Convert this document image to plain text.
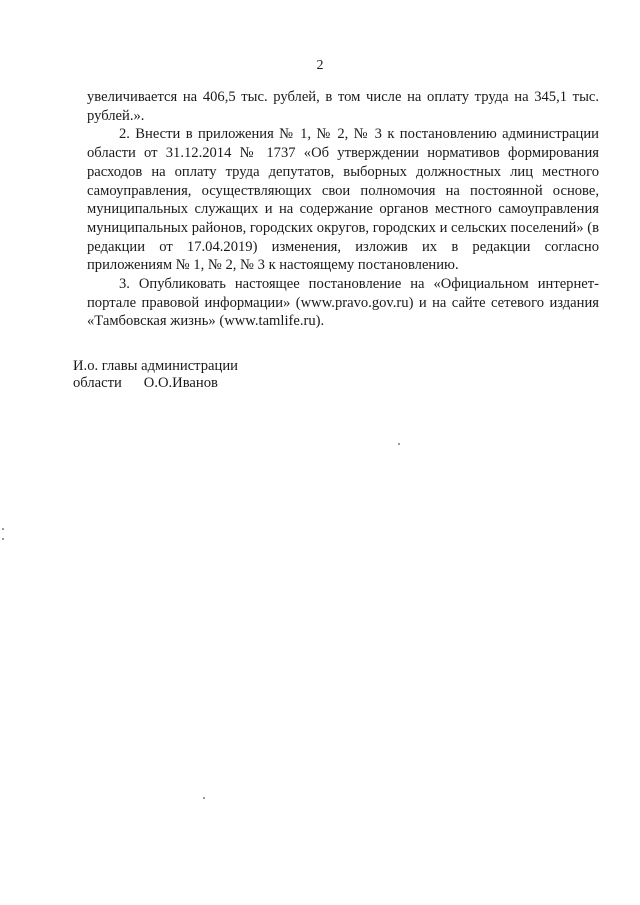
2

увеличивается на 406,5 тыс. рублей, в том числе на оплату труда на 345,1 тыс. рублей.».

2. Внести в приложения № 1, № 2, № 3 к постановлению администрации области от 31.12.2014 № 1737 «Об утверждении нормативов формирования расходов на оплату труда депутатов, выборных должностных лиц местного самоуправления, осуществляющих свои полномочия на постоянной основе, муниципальных служащих и на содержание органов местного самоуправления муниципальных районов, городских округов, городских и сельских поселений» (в редакции от 17.04.2019) изменения, изложив их в редакции согласно приложениям № 1, № 2, № 3 к настоящему постановлению.

3. Опубликовать настоящее постановление на «Официальном интернет-портале правовой информации» (www.pravo.gov.ru) и на сайте сетевого издания «Тамбовская жизнь» (www.tamlife.ru).

И.о. главы администрации
области О.О.Иванов
